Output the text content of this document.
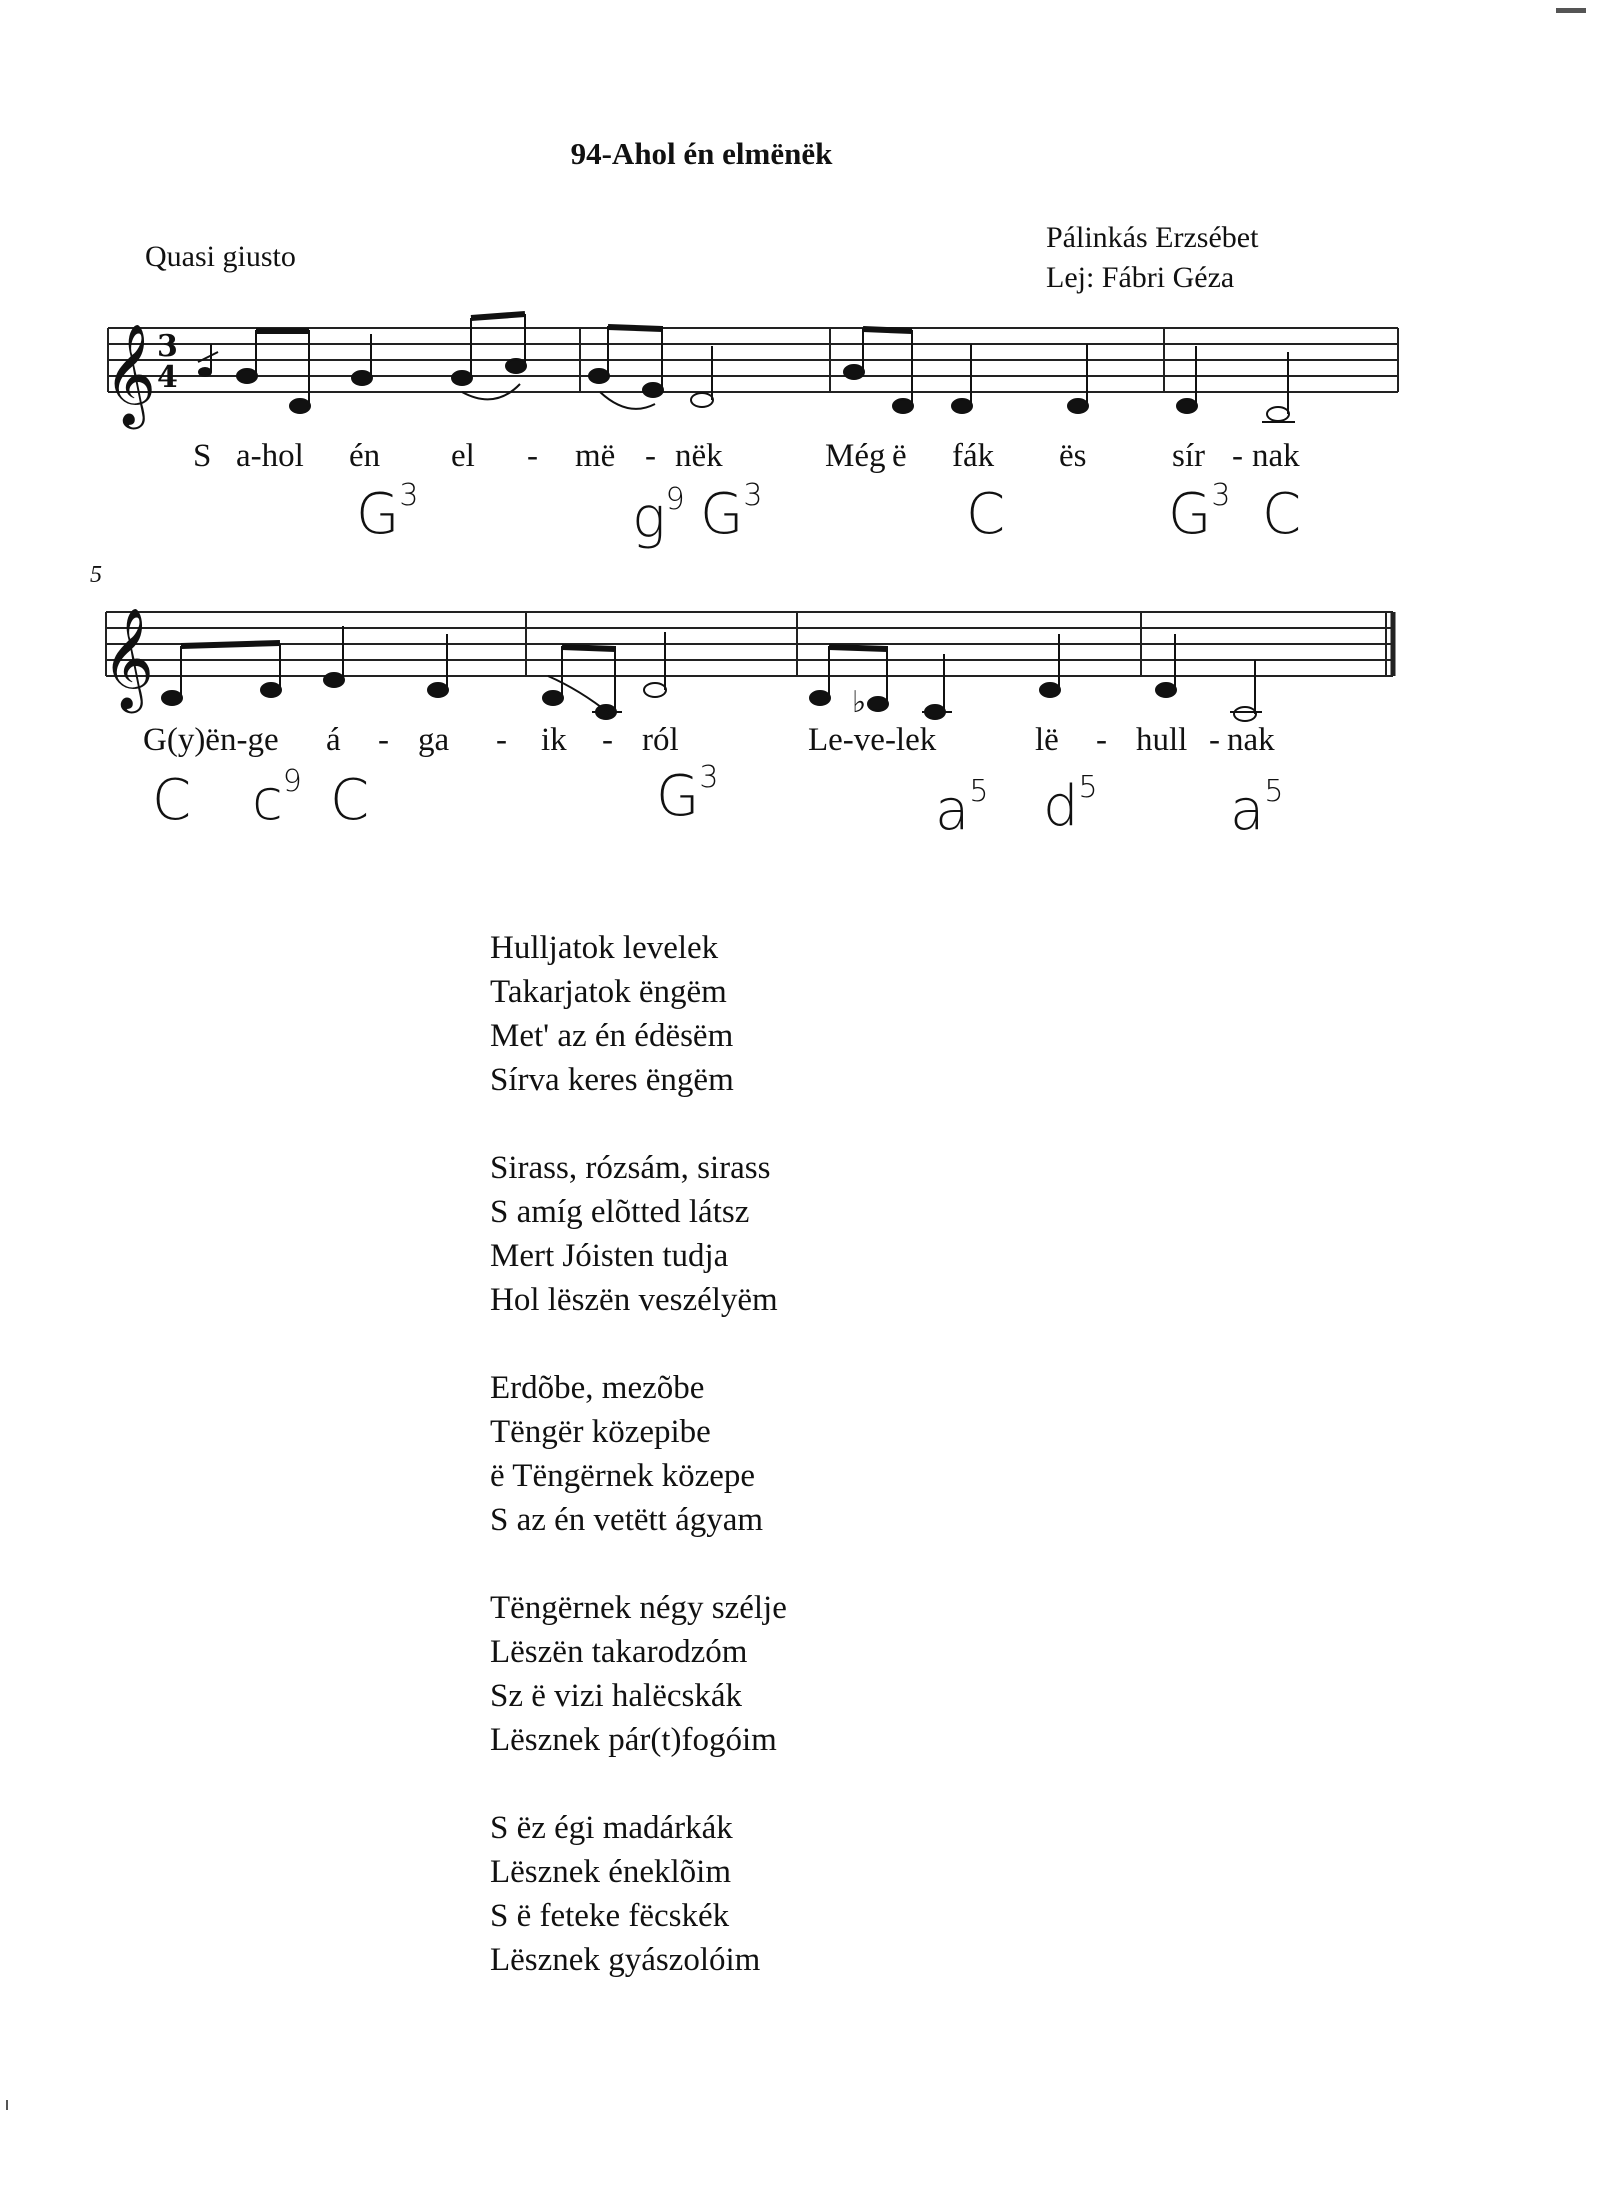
94-Ahol én elmënëk
Quasi giusto
Pálinkás Erzsébet
Lej: Fábri Géza
𝄞 3
4
S a-hol én el - më - nëk	Még ë fák ës	sír - nak
$G^3$	$g^9$ $G^3$	C	$G^3$ C
5
𝄞	♭
G(y)ën-ge á - ga - ik - ról	Le-ve-lek	lë - hull - nak
C $c^9$ C	$G^3$
$a^5$ $d^5$ $a^5$
Hulljatok levelek
Takarjatok ëngëm
Met' az én édësëm
Sírva keres ëngëm
Sirass, rózsám, sirass
S amíg elõtted látsz
Mert Jóisten tudja
Hol lëszën veszélyëm
Erdõbe, mezõbe
Tëngër közepibe
ë Tëngërnek közepe
S az én vetëtt ágyam
Tëngërnek négy szélje
Lëszën takarodzóm
Sz ë vizi halëcskák
Lësznek pár(t)fogóim
S ëz égi madárkák
Lësznek éneklõim
S ë feteke fëcskék
Lësznek gyászolóim
